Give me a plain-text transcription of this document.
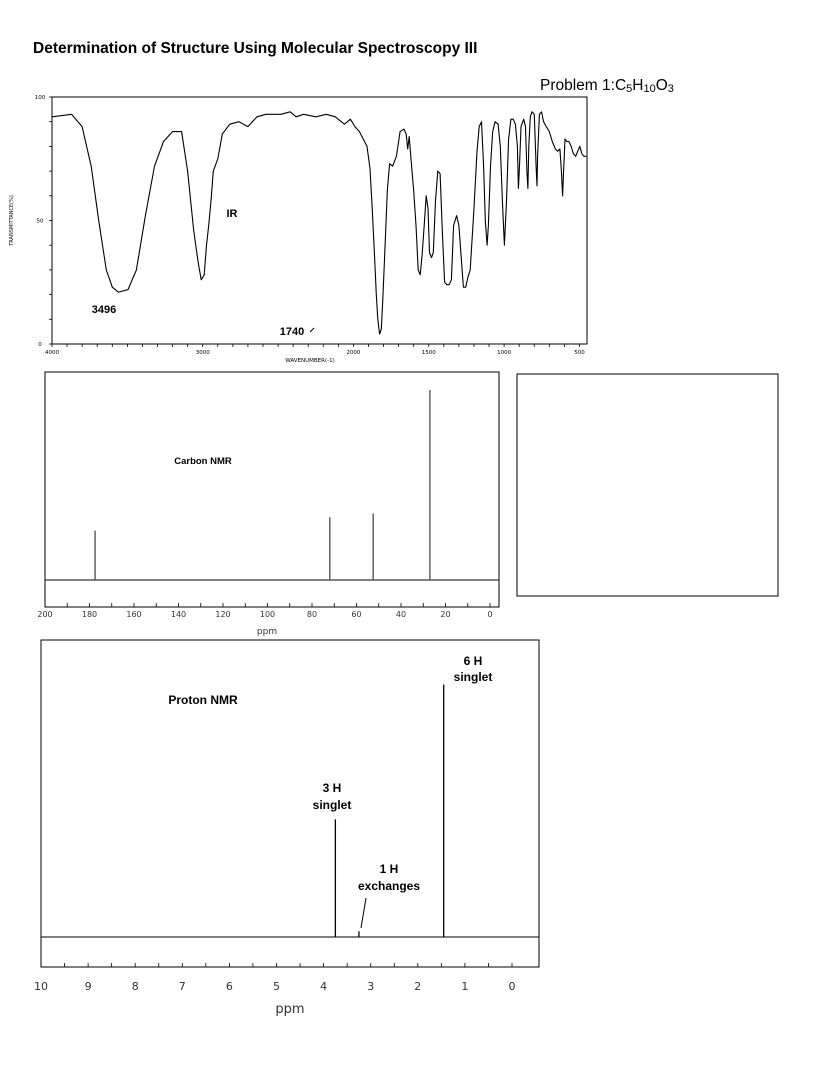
Determination of Structure Using Molecular Spectroscopy III
Problem $1:C_5H_{10}O_3$
4000	3000	2000	1500	1000	500
0
50
100
WAVENUMBER(-1)
TRANSMITTANCE(%)	IR
3496
1740
200	180	160	140	120	100	80	60	40	20	0
ppm
Carbon NMR
10	9	8	7	6	5	4	3	2	1	0
ppm
Proton NMR
3 H
singlet
1 H
exchanges
6 H
singlet
